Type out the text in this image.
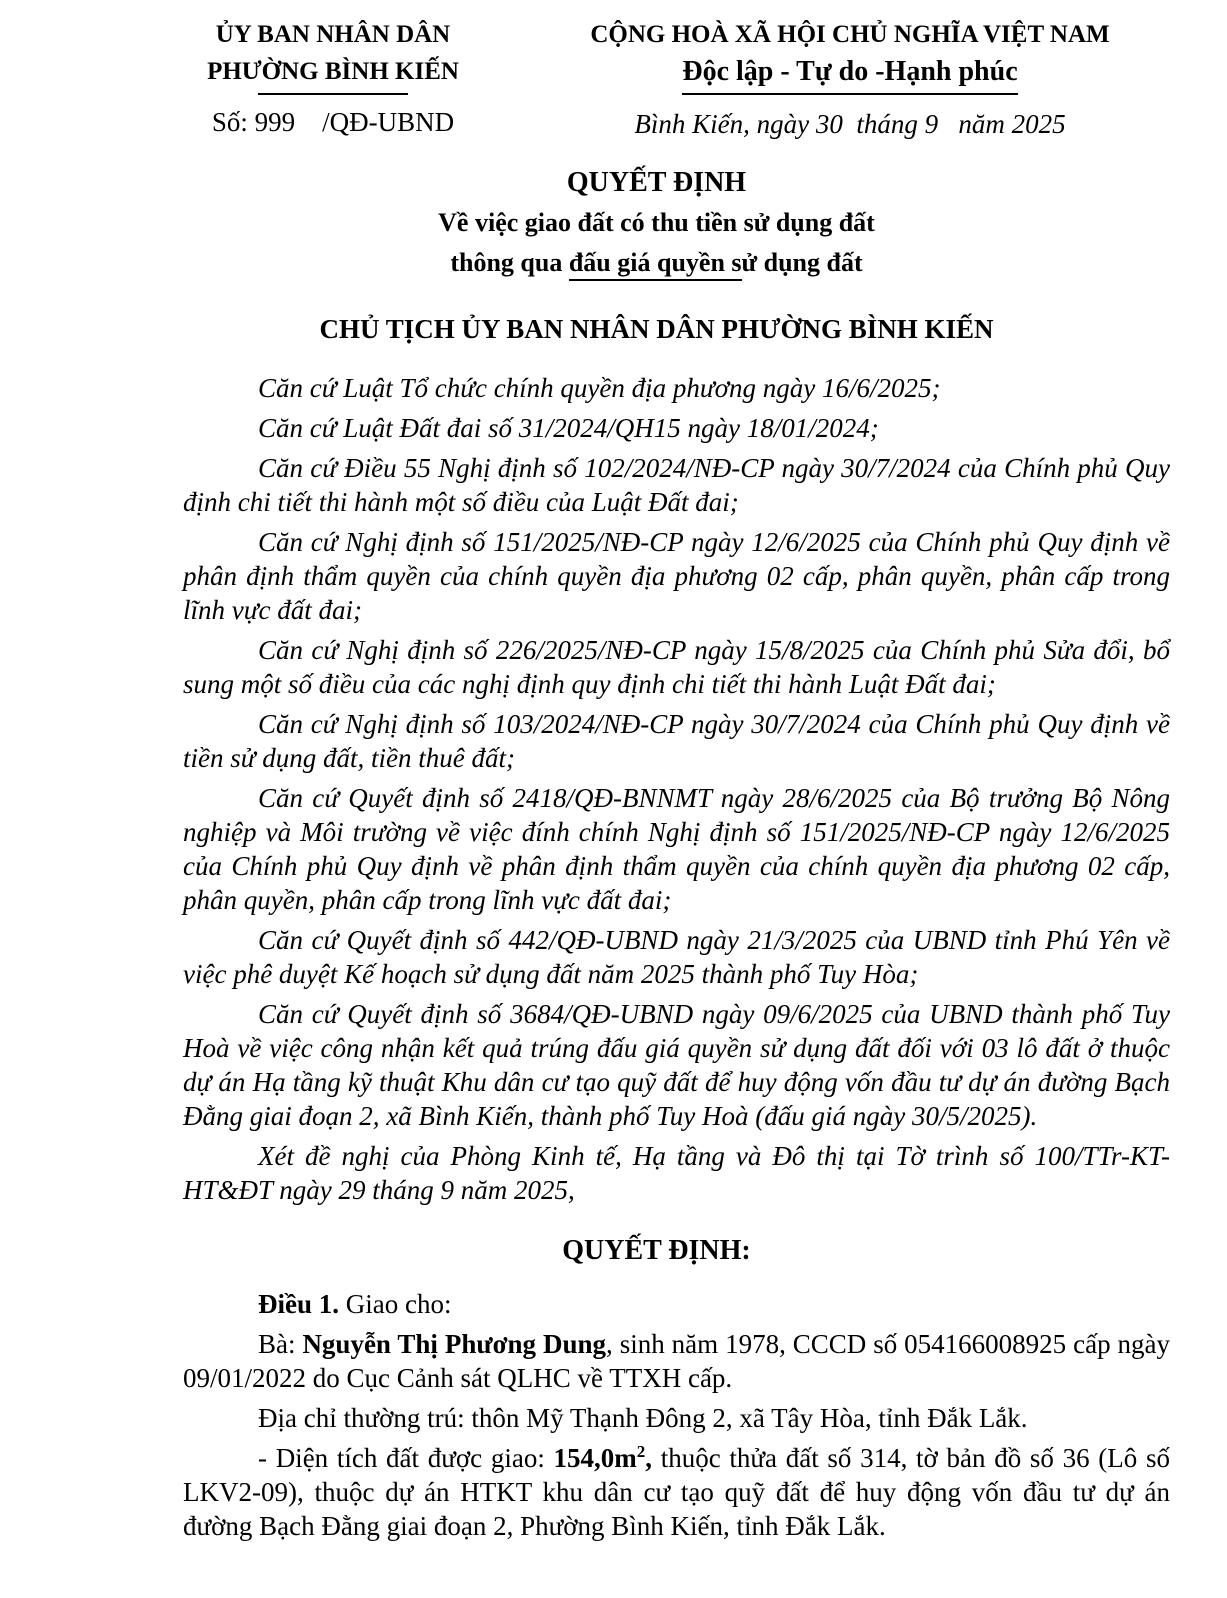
ỦY BAN NHÂN DÂN
PHƯỜNG BÌNH KIẾN
Số: 999    /QĐ-UBND
CỘNG HOÀ XÃ HỘI CHỦ NGHĨA VIỆT NAM
Độc lập - Tự do -Hạnh phúc
Bình Kiến, ngày 30  tháng 9   năm 2025
QUYẾT ĐỊNH
Về việc giao đất có thu tiền sử dụng đất
thông qua đấu giá quyền sử dụng đất
CHỦ TỊCH ỦY BAN NHÂN DÂN PHƯỜNG BÌNH KIẾN

Căn cứ Luật Tổ chức chính quyền địa phương ngày 16/6/2025;

Căn cứ Luật Đất đai số 31/2024/QH15 ngày 18/01/2024;

Căn cứ Điều 55 Nghị định số 102/2024/NĐ-CP ngày 30/7/2024 của Chính phủ Quy định chi tiết thi hành một số điều của Luật Đất đai;

Căn cứ Nghị định số 151/2025/NĐ-CP ngày 12/6/2025 của Chính phủ Quy định về phân định thẩm quyền của chính quyền địa phương 02 cấp, phân quyền, phân cấp trong lĩnh vực đất đai;

Căn cứ Nghị định số 226/2025/NĐ-CP ngày 15/8/2025 của Chính phủ Sửa đổi, bổ sung một số điều của các nghị định quy định chi tiết thi hành Luật Đất đai;

Căn cứ Nghị định số 103/2024/NĐ-CP ngày 30/7/2024 của Chính phủ Quy định về tiền sử dụng đất, tiền thuê đất;

Căn cứ Quyết định số 2418/QĐ-BNNMT ngày 28/6/2025 của Bộ trưởng Bộ Nông nghiệp và Môi trường về việc đính chính Nghị định số 151/2025/NĐ-CP ngày 12/6/2025 của Chính phủ Quy định về phân định thẩm quyền của chính quyền địa phương 02 cấp, phân quyền, phân cấp trong lĩnh vực đất đai;

Căn cứ Quyết định số 442/QĐ-UBND ngày 21/3/2025 của UBND tỉnh Phú Yên về việc phê duyệt Kế hoạch sử dụng đất năm 2025 thành phố Tuy Hòa;

Căn cứ Quyết định số 3684/QĐ-UBND ngày 09/6/2025 của UBND thành phố Tuy Hoà về việc công nhận kết quả trúng đấu giá quyền sử dụng đất đối với 03 lô đất ở thuộc dự án Hạ tầng kỹ thuật Khu dân cư tạo quỹ đất để huy động vốn đầu tư dự án đường Bạch Đằng giai đoạn 2, xã Bình Kiến, thành phố Tuy Hoà (đấu giá ngày 30/5/2025).

Xét đề nghị của Phòng Kinh tế, Hạ tầng và Đô thị tại Tờ trình số 100/TTr-KT-HT&ĐT ngày 29 tháng 9 năm 2025,

QUYẾT ĐỊNH:

Điều 1. Giao cho:

Bà: Nguyễn Thị Phương Dung, sinh năm 1978, CCCD số 054166008925 cấp ngày 09/01/2022 do Cục Cảnh sát QLHC về TTXH cấp.

Địa chỉ thường trú: thôn Mỹ Thạnh Đông 2, xã Tây Hòa, tỉnh Đắk Lắk.

- Diện tích đất được giao: $154,0m^2$, thuộc thửa đất số 314, tờ bản đồ số 36 (Lô số LKV2-09), thuộc dự án HTKT khu dân cư tạo quỹ đất để huy động vốn đầu tư dự án đường Bạch Đằng giai đoạn 2, Phường Bình Kiến, tỉnh Đắk Lắk.
